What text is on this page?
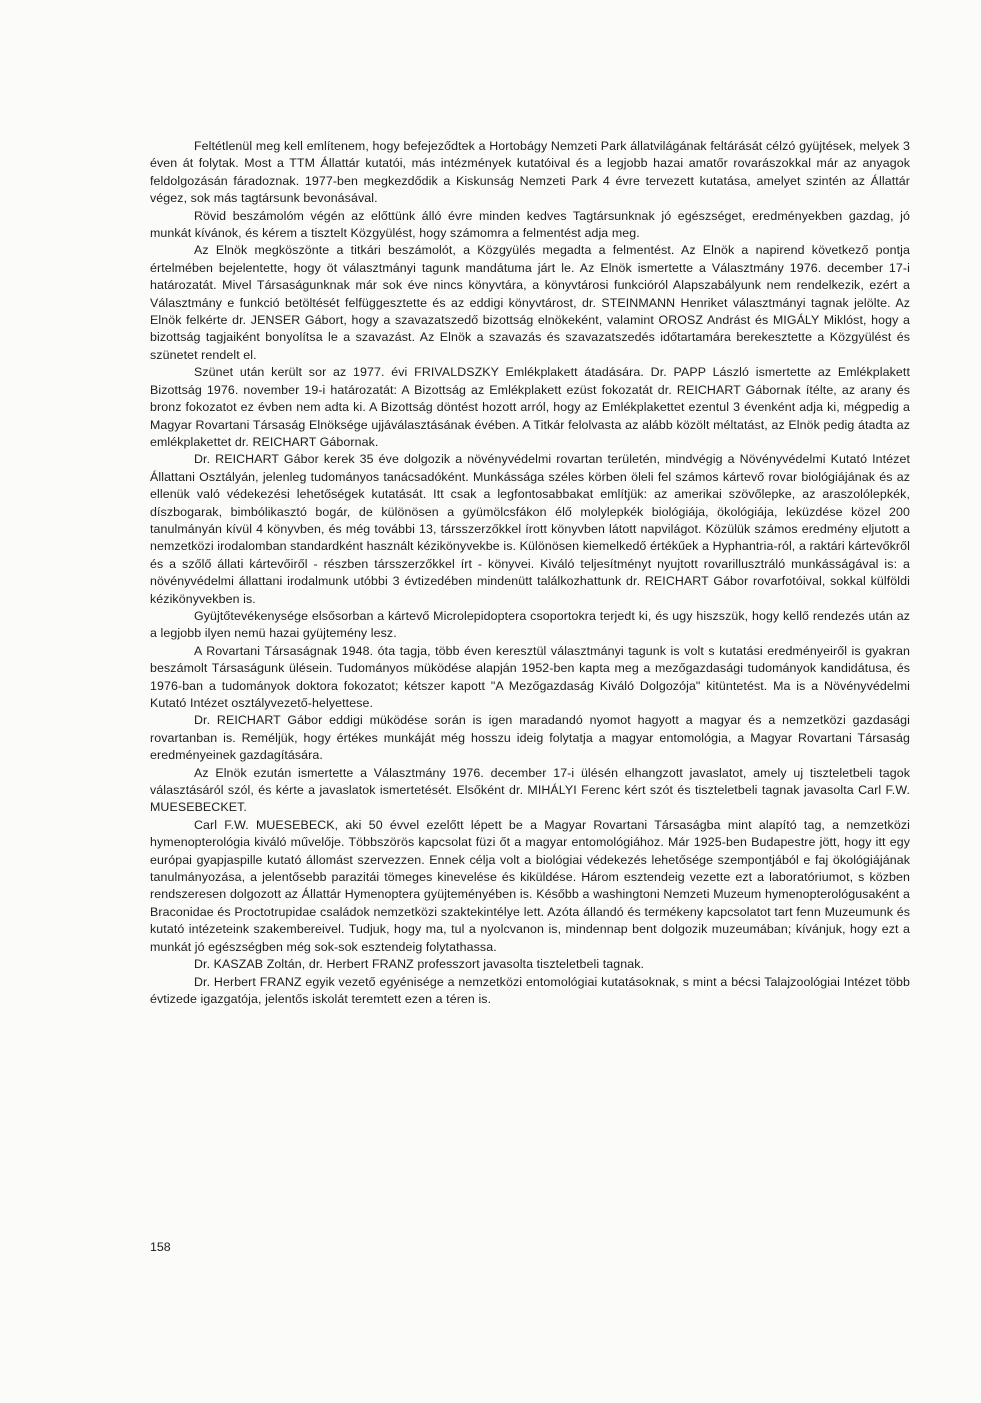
Feltétlenül meg kell említenem, hogy befejeződtek a Hortobágy Nemzeti Park állatvilágának feltárását célzó gyüjtések, melyek 3 éven át folytak. Most a TTM Állattár kutatói, más intézmények kutatóival és a legjobb hazai amatőr rovarászokkal már az anyagok feldolgozásán fáradoznak. 1977-ben megkezdődik a Kiskunság Nemzeti Park 4 évre tervezett kutatása, amelyet szintén az Állattár végez, sok más tagtársunk bevonásával.

Rövid beszámolóm végén az előttünk álló évre minden kedves Tagtársunknak jó egészséget, eredményekben gazdag, jó munkát kívánok, és kérem a tisztelt Közgyülést, hogy számomra a felmentést adja meg.

Az Elnök megköszönte a titkári beszámolót, a Közgyülés megadta a felmentést. Az Elnök a napirend következő pontja értelmében bejelentette, hogy öt választmányi tagunk mandátuma járt le. Az Elnök ismertette a Választmány 1976. december 17-i határozatát. Mivel Társaságunknak már sok éve nincs könyvtára, a könyvtárosi funkcióról Alapszabályunk nem rendelkezik, ezért a Választmány e funkció betöltését felfüggesztette és az eddigi könyvtárost, dr. STEINMANN Henriket választmányi tagnak jelölte. Az Elnök felkérte dr. JENSER Gábort, hogy a szavazatszedő bizottság elnökeként, valamint OROSZ Andrást és MIGÁLY Miklóst, hogy a bizottság tagjaiként bonyolítsa le a szavazást. Az Elnök a szavazás és szavazatszedés időtartamára berekesztette a Közgyülést és szünetet rendelt el.

Szünet után került sor az 1977. évi FRIVALDSZKY Emlékplakett átadására. Dr. PAPP László ismertette az Emlékplakett Bizottság 1976. november 19-i határozatát: A Bizottság az Emlékplakett ezüst fokozatát dr. REICHART Gábornak ítélte, az arany és bronz fokozatot ez évben nem adta ki. A Bizottság döntést hozott arról, hogy az Emlékplakettet ezentul 3 évenként adja ki, mégpedig a Magyar Rovartani Társaság Elnöksége ujjáválasztásának évében. A Titkár felolvasta az alább közölt méltatást, az Elnök pedig átadta az emlékplakettet dr. REICHART Gábornak.

Dr. REICHART Gábor kerek 35 éve dolgozik a növényvédelmi rovartan területén, mindvégig a Növényvédelmi Kutató Intézet Állattani Osztályán, jelenleg tudományos tanácsadóként. Munkássága széles körben öleli fel számos kártevő rovar biológiájának és az ellenük való védekezési lehetőségek kutatását. Itt csak a legfontosabbakat említjük: az amerikai szövőlepke, az araszolólepkék, díszbogarak, bimbólikasztó bogár, de különösen a gyümölcsfákon élő molylepkék biológiája, ökológiája, leküzdése közel 200 tanulmányán kívül 4 könyvben, és még további 13, társszerzőkkel írott könyvben látott napvilágot. Közülük számos eredmény eljutott a nemzetközi irodalomban standardként használt kézikönyvekbe is. Különösen kiemelkedő értékűek a Hyphantria-ról, a raktári kártevőkről és a szőlő állati kártevőiről - részben társszerzőkkel írt - könyvei. Kiváló teljesítményt nyujtott rovarillusztráló munkásságával is: a növényvédelmi állattani irodalmunk utóbbi 3 évtizedében mindenütt találkozhattunk dr. REICHART Gábor rovarfotóival, sokkal külföldi kézikönyvekben is.

Gyüjtőtevékenysége elsősorban a kártevő Microlepidoptera csoportokra terjedt ki, és ugy hiszszük, hogy kellő rendezés után az a legjobb ilyen nemü hazai gyüjtemény lesz.

A Rovartani Társaságnak 1948. óta tagja, több éven keresztül választmányi tagunk is volt s kutatási eredményeiről is gyakran beszámolt Társaságunk ülésein. Tudományos müködése alapján 1952-ben kapta meg a mezőgazdasági tudományok kandidátusa, és 1976-ban a tudományok doktora fokozatot; kétszer kapott "A Mezőgazdaság Kiváló Dolgozója" kitüntetést. Ma is a Növényvédelmi Kutató Intézet osztályvezető-helyettese.

Dr. REICHART Gábor eddigi müködése során is igen maradandó nyomot hagyott a magyar és a nemzetközi gazdasági rovartanban is. Reméljük, hogy értékes munkáját még hosszu ideig folytatja a magyar entomológia, a Magyar Rovartani Társaság eredményeinek gazdagítására.

Az Elnök ezután ismertette a Választmány 1976. december 17-i ülésén elhangzott javaslatot, amely uj tiszteletbeli tagok választásáról szól, és kérte a javaslatok ismertetését. Elsőként dr. MIHÁLYI Ferenc kért szót és tiszteletbeli tagnak javasolta Carl F.W. MUESEBECKET.

Carl F.W. MUESEBECK, aki 50 évvel ezelőtt lépett be a Magyar Rovartani Társaságba mint alapító tag, a nemzetközi hymenopterológia kiváló művelője. Többszörös kapcsolat füzi őt a magyar entomológiához. Már 1925-ben Budapestre jött, hogy itt egy európai gyapjaspille kutató állomást szervezzen. Ennek célja volt a biológiai védekezés lehetősége szempontjából e faj ökológiájának tanulmányozása, a jelentősebb parazitái tömeges kinevelése és kiküldése. Három esztendeig vezette ezt a laboratóriumot, s közben rendszeresen dolgozott az Állattár Hymenoptera gyüjteményében is. Később a washingtoni Nemzeti Muzeum hymenopterológusaként a Braconidae és Proctotrupidae családok nemzetközi szaktekintélye lett. Azóta állandó és termékeny kapcsolatot tart fenn Muzeumunk és kutató intézeteink szakembereivel. Tudjuk, hogy ma, tul a nyolcvanon is, mindennap bent dolgozik muzeumában; kívánjuk, hogy ezt a munkát jó egészségben még sok-sok esztendeig folytathassa.

Dr. KASZAB Zoltán, dr. Herbert FRANZ professzort javasolta tiszteletbeli tagnak.

Dr. Herbert FRANZ egyik vezető egyénisége a nemzetközi entomológiai kutatásoknak, s mint a bécsi Talajzoológiai Intézet több évtizede igazgatója, jelentős iskolát teremtett ezen a téren is.

158
